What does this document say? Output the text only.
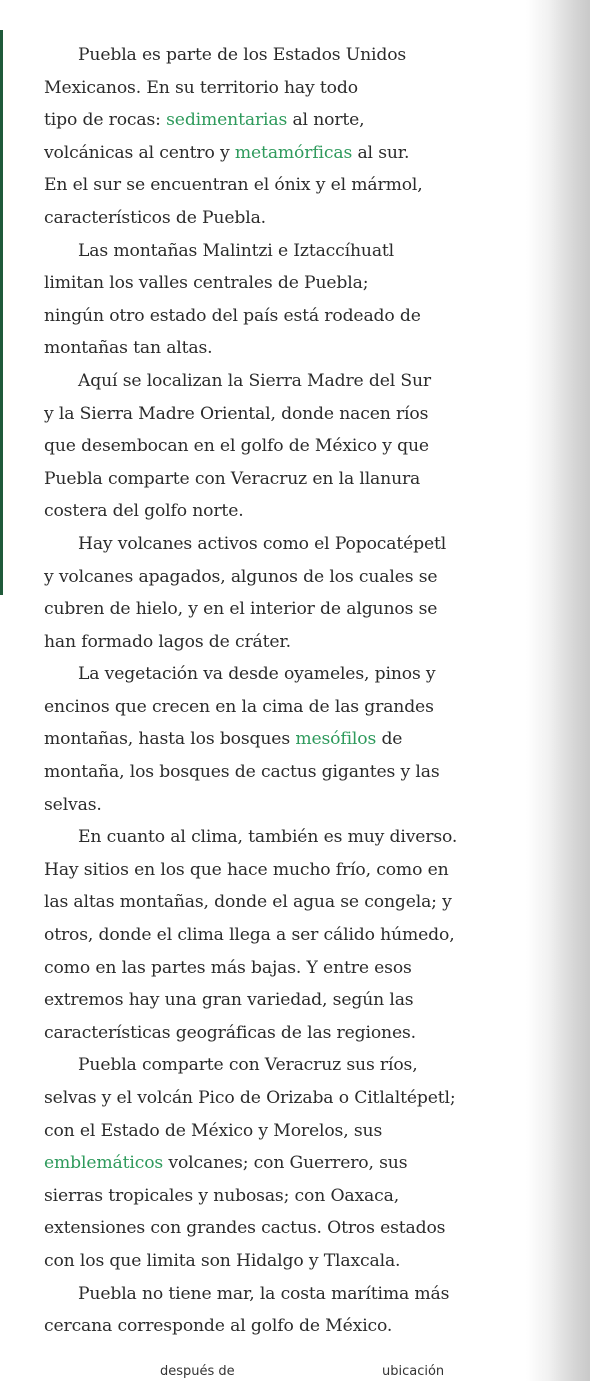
Puebla es parte de los Estados Unidos
Mexicanos. En su territorio hay todo
tipo de rocas: sedimentarias al norte,
volcánicas al centro y metamórficas al sur.
En el sur se encuentran el ónix y el mármol,
característicos de Puebla.
Las montañas Malintzi e Iztaccíhuatl
limitan los valles centrales de Puebla;
ningún otro estado del país está rodeado de
montañas tan altas.
Aquí se localizan la Sierra Madre del Sur
y la Sierra Madre Oriental, donde nacen ríos
que desembocan en el golfo de México y que
Puebla comparte con Veracruz en la llanura
costera del golfo norte.
Hay volcanes activos como el Popocatépetl
y volcanes apagados, algunos de los cuales se
cubren de hielo, y en el interior de algunos se
han formado lagos de cráter.
La vegetación va desde oyameles, pinos y
encinos que crecen en la cima de las grandes
montañas, hasta los bosques mesófilos de
montaña, los bosques de cactus gigantes y las
selvas.
En cuanto al clima, también es muy diverso.
Hay sitios en los que hace mucho frío, como en
las altas montañas, donde el agua se congela; y
otros, donde el clima llega a ser cálido húmedo,
como en las partes más bajas. Y entre esos
extremos hay una gran variedad, según las
características geográficas de las regiones.
Puebla comparte con Veracruz sus ríos,
selvas y el volcán Pico de Orizaba o Citlaltépetl;
con el Estado de México y Morelos, sus
emblemáticos volcanes; con Guerrero, sus
sierras tropicales y nubosas; con Oaxaca,
extensiones con grandes cactus. Otros estados
con los que limita son Hidalgo y Tlaxcala.
Puebla no tiene mar, la costa marítima más
cercana corresponde al golfo de México.
después de	ubicación
